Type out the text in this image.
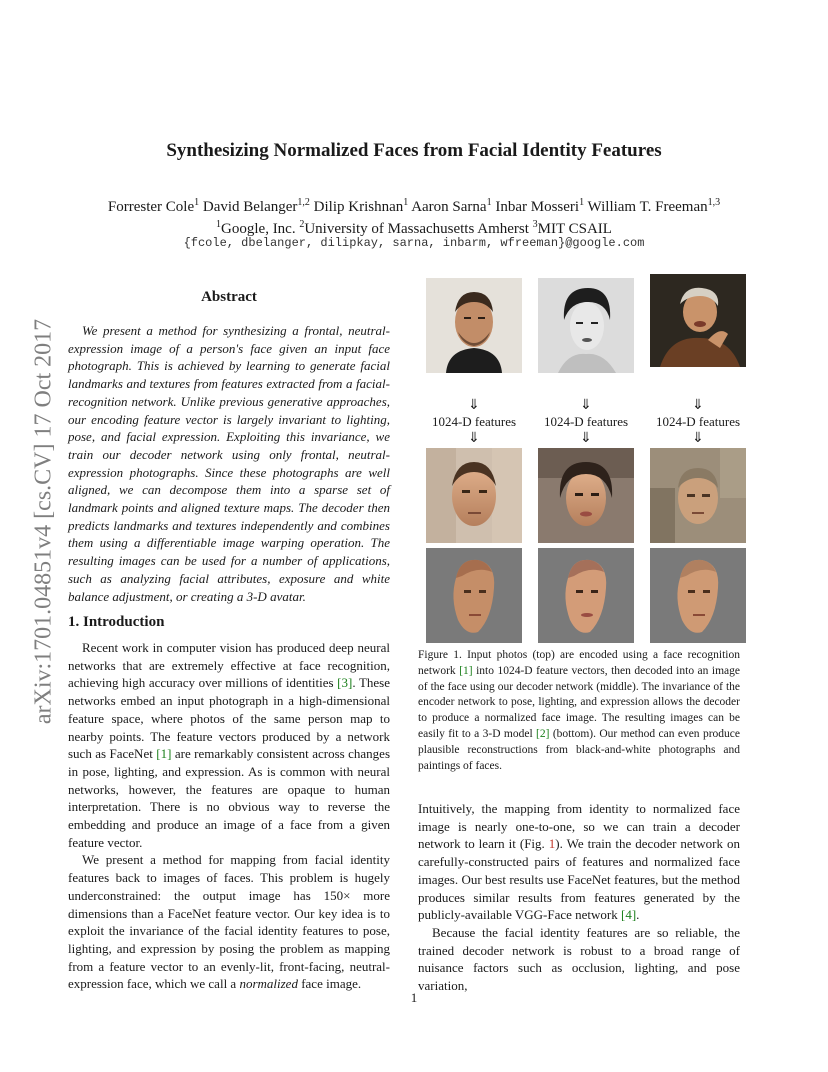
Synthesizing Normalized Faces from Facial Identity Features
Forrester Cole$^1$ David Belanger$^{1,2}$ Dilip Krishnan$^1$ Aaron Sarna$^1$ Inbar Mosseri$^1$ William T. Freeman$^{1,3}$
$^1$Google, Inc. $^2$University of Massachusetts Amherst $^3$MIT CSAIL
{fcole, dbelanger, dilipkay, sarna, inbarm, wfreeman}@google.com
arXiv:1701.04851v4 [cs.CV] 17 Oct 2017
Abstract
We present a method for synthesizing a frontal, neutral-expression image of a person's face given an input face photograph. This is achieved by learning to generate facial landmarks and textures from features extracted from a facial-recognition network. Unlike previous generative approaches, our encoding feature vector is largely invariant to lighting, pose, and facial expression. Exploiting this invariance, we train our decoder network using only frontal, neutral-expression photographs. Since these photographs are well aligned, we can decompose them into a sparse set of landmark points and aligned texture maps. The decoder then predicts landmarks and textures independently and combines them using a differentiable image warping operation. The resulting images can be used for a number of applications, such as analyzing facial attributes, exposure and white balance adjustment, or creating a 3-D avatar.
1. Introduction

Recent work in computer vision has produced deep neural networks that are extremely effective at face recognition, achieving high accuracy over millions of identities [3]. These networks embed an input photograph in a high-dimensional feature space, where photos of the same person map to nearby points. The feature vectors produced by a network such as FaceNet [1] are remarkably consistent across changes in pose, lighting, and expression. As is common with neural networks, however, the features are opaque to human interpretation. There is no obvious way to reverse the embedding and produce an image of a face from a given feature vector.

We present a method for mapping from facial identity features back to images of faces. This problem is hugely underconstrained: the output image has 150× more dimensions than a FaceNet feature vector. Our key idea is to exploit the invariance of the facial identity features to pose, lighting, and expression by posing the problem as mapping from a feature vector to an evenly-lit, front-facing, neutral-expression face, which we call a normalized face image.

⇓	⇓	⇓
1024-D features	1024-D features	1024-D features
⇓	⇓	⇓
Figure 1. Input photos (top) are encoded using a face recognition network [1] into 1024-D feature vectors, then decoded into an image of the face using our decoder network (middle). The invariance of the encoder network to pose, lighting, and expression allows the decoder to produce a normalized face image. The resulting images can be easily fit to a 3-D model [2] (bottom). Our method can even produce plausible reconstructions from black-and-white photographs and paintings of faces.

Intuitively, the mapping from identity to normalized face image is nearly one-to-one, so we can train a decoder network to learn it (Fig. 1). We train the decoder network on carefully-constructed pairs of features and normalized face images. Our best results use FaceNet features, but the method produces similar results from features generated by the publicly-available VGG-Face network [4].

Because the facial identity features are so reliable, the trained decoder network is robust to a broad range of nuisance factors such as occlusion, lighting, and pose variation,

1
